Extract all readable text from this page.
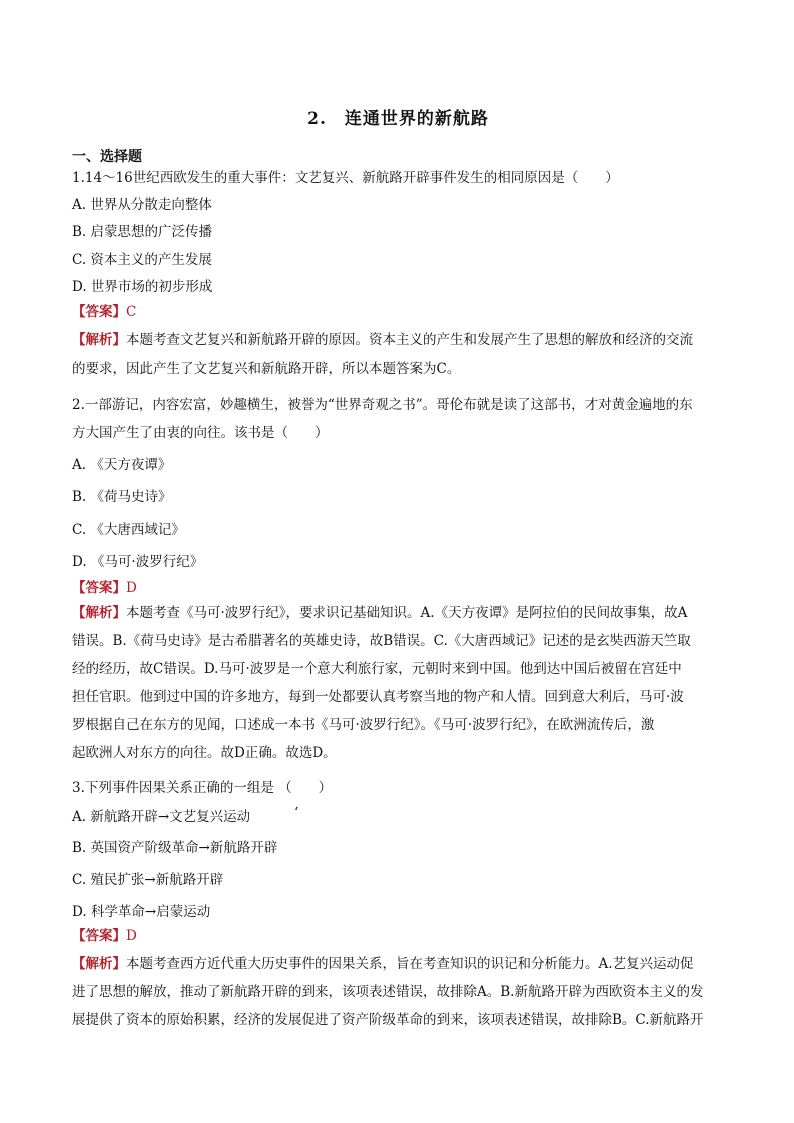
2.　连通世界的新航路
一、选择题
1.14～16世纪西欧发生的重大事件：文艺复兴、新航路开辟事件发生的相同原因是（　　）
A. 世界从分散走向整体
B. 启蒙思想的广泛传播
C. 资本主义的产生发展
D. 世界市场的初步形成
【答案】C
【解析】本题考查文艺复兴和新航路开辟的原因。资本主义的产生和发展产生了思想的解放和经济的交流
的要求，因此产生了文艺复兴和新航路开辟，所以本题答案为C。
2.一部游记，内容宏富，妙趣横生，被誉为“世界奇观之书”。哥伦布就是读了这部书，才对黄金遍地的东
方大国产生了由衷的向往。该书是（　　）
A. 《天方夜谭》
B. 《荷马史诗》
C. 《大唐西域记》
D. 《马可·波罗行纪》
【答案】D
【解析】本题考查《马可·波罗行纪》，要求识记基础知识。A.《天方夜谭》是阿拉伯的民间故事集，故A
错误。B.《荷马史诗》是古希腊著名的英雄史诗，故B错误。C.《大唐西域记》记述的是玄奘西游天竺取
经的经历，故C错误。D.马可·波罗是一个意大利旅行家，元朝时来到中国。他到达中国后被留在宫廷中
担任官职。他到过中国的许多地方，每到一处都要认真考察当地的物产和人情。回到意大利后，马可·波
罗根据自己在东方的见闻，口述成一本书《马可·波罗行纪》。《马可·波罗行纪》，在欧洲流传后，激
起欧洲人对东方的向往。故D正确。故选D。
3.下列事件因果关系正确的一组是 （　　）
A. 新航路开辟→文艺复兴运动	‘
B. 英国资产阶级革命→新航路开辟
C. 殖民扩张→新航路开辟
D. 科学革命→启蒙运动
【答案】D
【解析】本题考查西方近代重大历史事件的因果关系，旨在考查知识的识记和分析能力。A.艺复兴运动促
进了思想的解放，推动了新航路开辟的到来，该项表述错误，故排除A。B.新航路开辟为西欧资本主义的发
展提供了资本的原始积累，经济的发展促进了资产阶级革命的到来，该项表述错误，故排除B。C.新航路开
